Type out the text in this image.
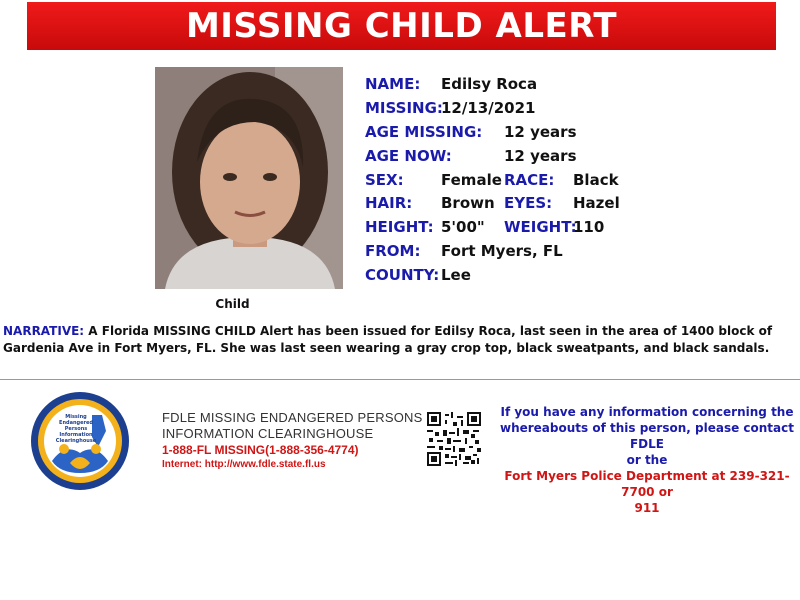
MISSING CHILD ALERT
Child
NAME: Edilsy Roca
MISSING:
12/13/2021
AGE MISSING: 12 years
AGE NOW:	12 years
SEX: Female RACE: Black
HAIR: Brown EYES: Hazel
HEIGHT: 5'00" WEIGHT:
110
FROM: Fort Myers, FL
COUNTY: Lee
NARRATIVE: A Florida MISSING CHILD Alert has been issued for Edilsy Roca, last seen in the area of 1400 block of Gardenia Ave in Fort Myers, FL. She was last seen wearing a gray crop top, black sweatpants, and black sandals.
Missing
Endangered
Persons
Information
Clearinghouse
FDLE MISSING ENDANGERED PERSONS
INFORMATION CLEARINGHOUSE
1-888-FL MISSING(1-888-356-4774)
Internet: http://www.fdle.state.fl.us
If you have any information concerning the
whereabouts of this person, please contact FDLE
or the
Fort Myers Police Department at 239-321-7700 or
911
